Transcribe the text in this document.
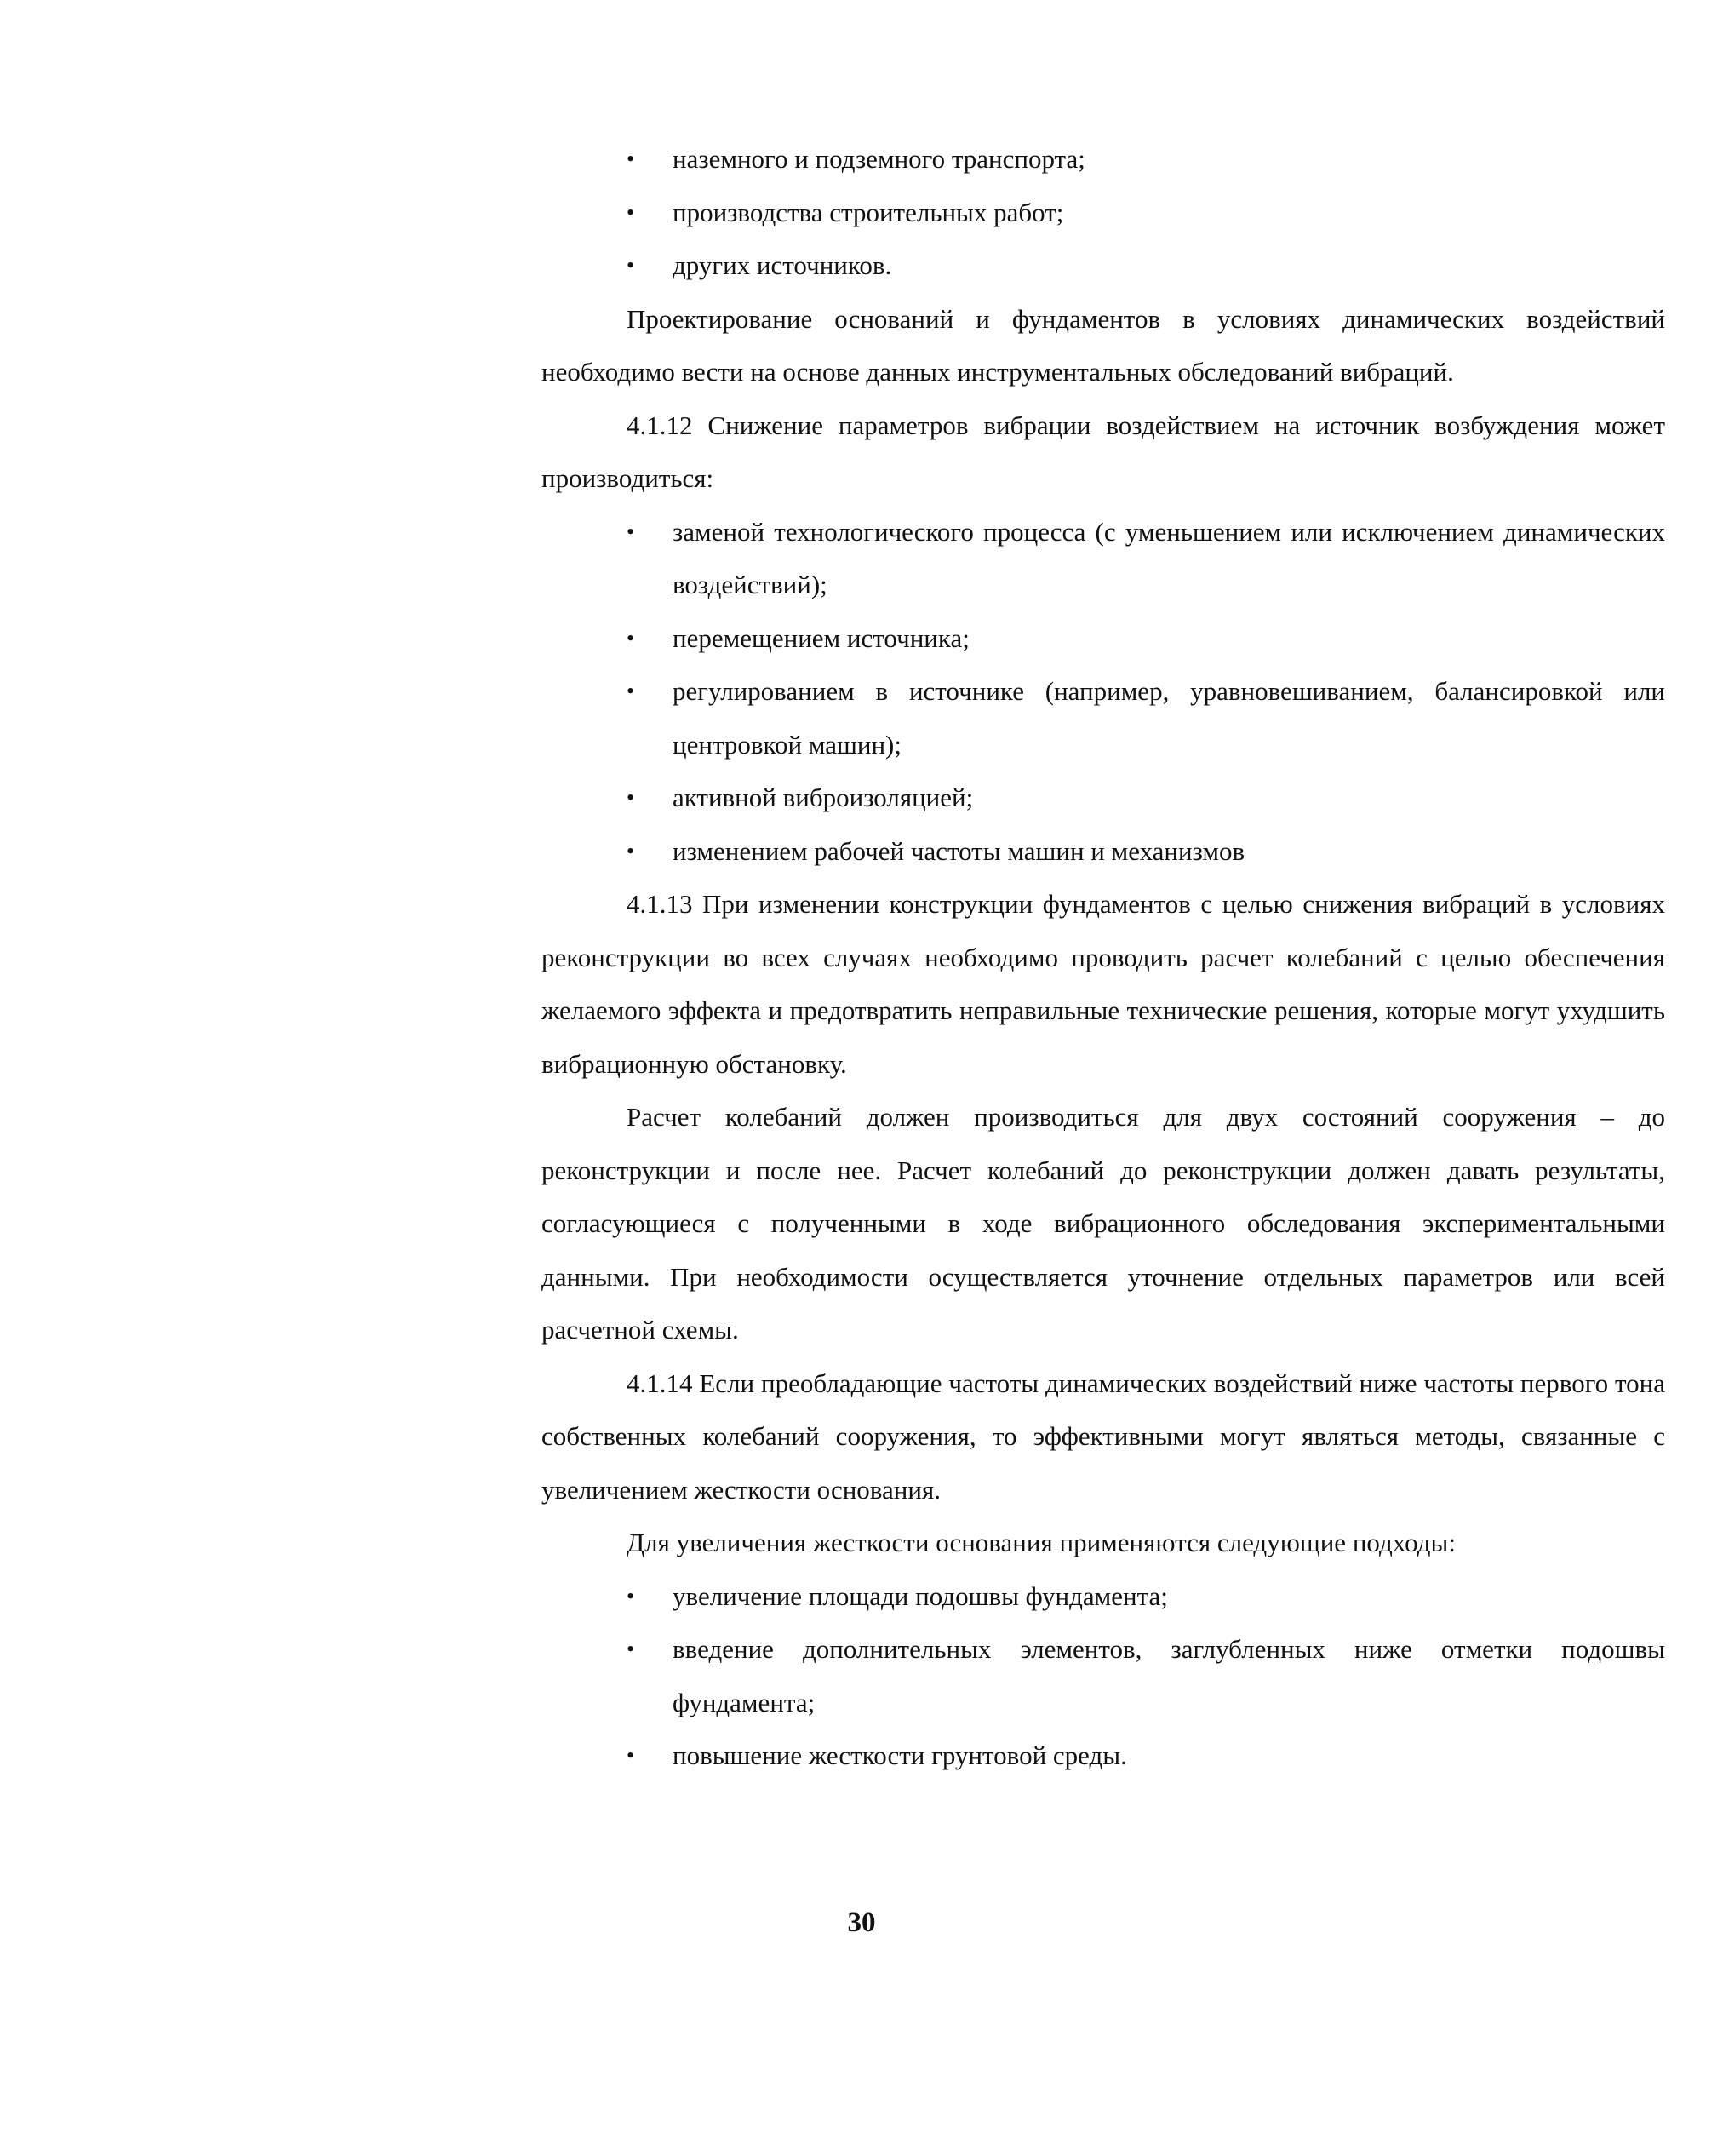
• наземного и подземного транспорта;
• производства строительных работ;
• других источников.

Проектирование оснований и фундаментов в условиях динамических воздействий необходимо вести на основе данных инструментальных обследований вибраций.

4.1.12 Снижение параметров вибрации воздействием на источник возбуждения может производиться:

• заменой технологического процесса (с уменьшением или исключением динамических воздействий);
• перемещением источника;
• регулированием в источнике (например, уравновешиванием, балансировкой или центровкой машин);
• активной виброизоляцией;
• изменением рабочей частоты машин и механизмов

4.1.13 При изменении конструкции фундаментов с целью снижения вибраций в условиях реконструкции во всех случаях необходимо проводить расчет колебаний с целью обеспечения желаемого эффекта и предотвратить неправильные технические решения, которые могут ухудшить вибрационную обстановку.

Расчет колебаний должен производиться для двух состояний сооружения – до реконструкции и после нее. Расчет колебаний до реконструкции должен давать результаты, согласующиеся с полученными в ходе вибрационного обследования экспериментальными данными. При необходимости осуществляется уточнение отдельных параметров или всей расчетной схемы.

4.1.14 Если преобладающие частоты динамических воздействий ниже частоты первого тона собственных колебаний сооружения, то эффективными могут являться методы, связанные с увеличением жесткости основания.

Для увеличения жесткости основания применяются следующие подходы:

• увеличение площади подошвы фундамента;
• введение дополнительных элементов, заглубленных ниже отметки подошвы фундамента;
• повышение жесткости грунтовой среды.
30
